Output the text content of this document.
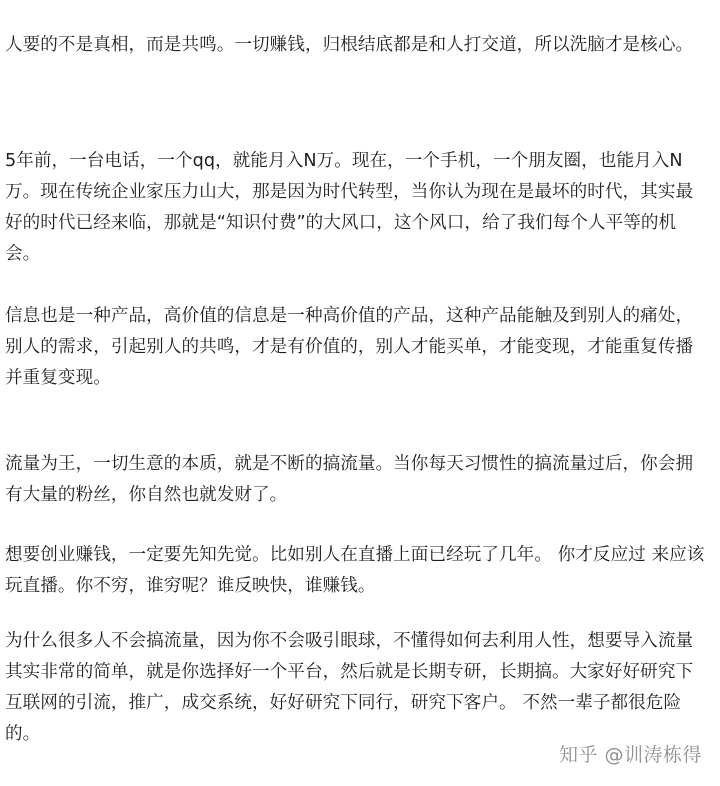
人要的不是真相，而是共鸣。一切赚钱，归根结底都是和人打交道，所以洗脑才是核心。

5年前，一台电话，一个qq，就能月入N万。现在，一个手机，一个朋友圈，也能月入N万。现在传统企业家压力山大，那是因为时代转型，当你认为现在是最坏的时代，其实最好的时代已经来临，那就是“知识付费”的大风口，这个风口，给了我们每个人平等的机会。

信息也是一种产品，高价值的信息是一种高价值的产品，这种产品能触及到别人的痛处，别人的需求，引起别人的共鸣，才是有价值的，别人才能买单，才能变现，才能重复传播并重复变现。

流量为王，一切生意的本质，就是不断的搞流量。当你每天习惯性的搞流量过后，你会拥有大量的粉丝，你自然也就发财了。

想要创业赚钱，一定要先知先觉。比如别人在直播上面已经玩了几年。 你才反应过 来应该玩直播。你不穷，谁穷呢？谁反映快，谁赚钱。

为什么很多人不会搞流量，因为你不会吸引眼球，不懂得如何去利用人性，想要导入流量其实非常的简单，就是你选择好一个平台，然后就是长期专研，长期搞。大家好好研究下互联网的引流，推广，成交系统，好好研究下同行，研究下客户。 不然一辈子都很危险的。

知乎 @训涛栋得
